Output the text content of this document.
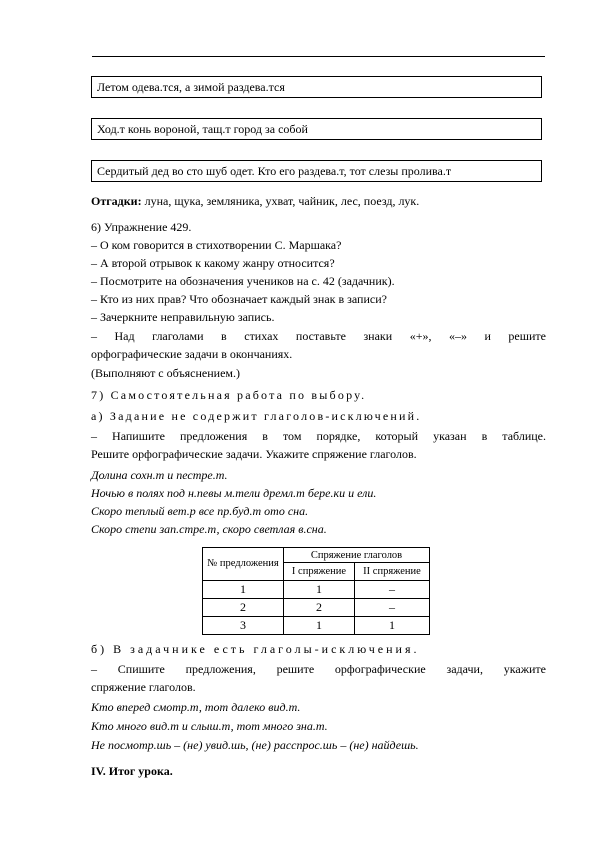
Летом одева.тся, а зимой раздева.тся
Ход.т конь вороной, тащ.т город за собой
Сердитый дед во сто шуб одет. Кто его раздева.т, тот слезы пролива.т
Отгадки: луна, щука, земляника, ухват, чайник, лес, поезд, лук.
6) Упражнение 429.
– О ком говорится в стихотворении С. Маршака?
– А второй отрывок к какому жанру относится?
– Посмотрите на обозначения учеников на с. 42 (задачник).
– Кто из них прав? Что обозначает каждый знак в записи?
– Зачеркните неправильную запись.
– Над глаголами в стихах поставьте знаки «+», «–» и решите
орфографические задачи в окончаниях.
(Выполняют с объяснением.)
7) Самостоятельная работа по выбору.
а) Задание не содержит глаголов-исключений.
– Напишите предложения в том порядке, который указан в таблице.
Решите орфографические задачи. Укажите спряжение глаголов.
Долина сохн.т и пестре.т.
Ночью в полях под н.певы м.тели дремл.т бере.ки и ели.
Скоро теплый вет.р все пр.буд.т ото сна.
Скоро степи зап.стре.т, скоро светлая в.сна.
№ предложения	Спряжение глаголов	
	I спряжение	II спряжение
1	1	–
2	2	–
3	1	1
б) В задачнике есть глаголы-исключения.
– Спишите предложения, решите орфографические задачи, укажите
спряжение глаголов.
Кто вперед смотр.т, тот далеко вид.т.
Кто много вид.т и слыш.т, тот много зна.т.
Не посмотр.шь – (не) увид.шь, (не) расспрос.шь – (не) найдешь.
IV. Итог урока.
